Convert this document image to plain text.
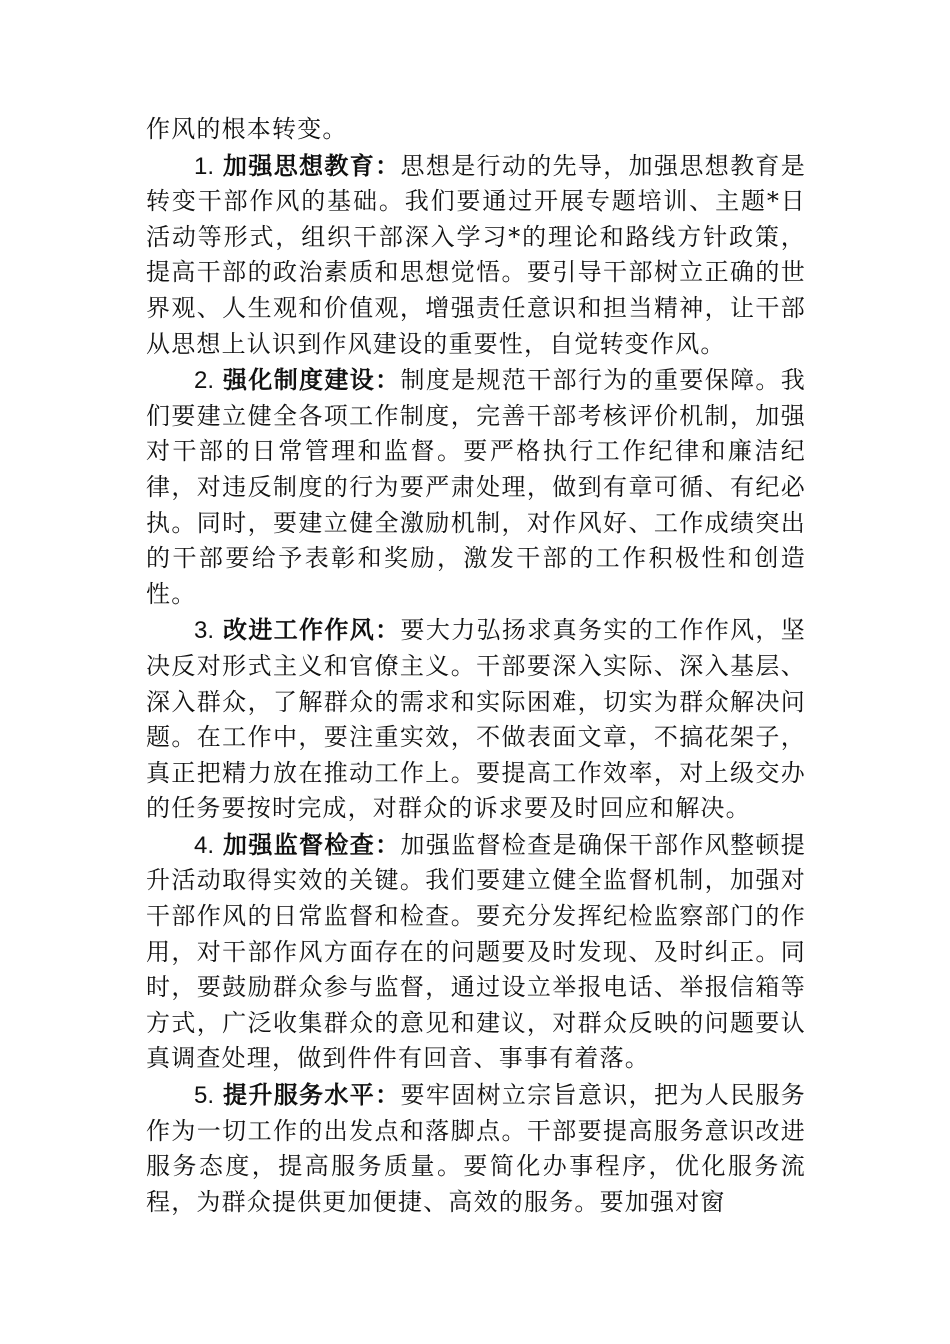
作风的根本转变。

1. 加强思想教育：思想是行动的先导，加强思想教育是转变干部作风的基础。我们要通过开展专题培训、主题*日活动等形式，组织干部深入学习*的理论和路线方针政策，提高干部的政治素质和思想觉悟。要引导干部树立正确的世界观、人生观和价值观，增强责任意识和担当精神，让干部从思想上认识到作风建设的重要性，自觉转变作风。

2. 强化制度建设：制度是规范干部行为的重要保障。我们要建立健全各项工作制度，完善干部考核评价机制，加强对干部的日常管理和监督。要严格执行工作纪律和廉洁纪律，对违反制度的行为要严肃处理，做到有章可循、有纪必执。同时，要建立健全激励机制，对作风好、工作成绩突出的干部要给予表彰和奖励，激发干部的工作积极性和创造性。

3. 改进工作作风：要大力弘扬求真务实的工作作风，坚决反对形式主义和官僚主义。干部要深入实际、深入基层、深入群众，了解群众的需求和实际困难，切实为群众解决问题。在工作中，要注重实效，不做表面文章，不搞花架子，真正把精力放在推动工作上。要提高工作效率，对上级交办的任务要按时完成，对群众的诉求要及时回应和解决。

4. 加强监督检查：加强监督检查是确保干部作风整顿提升活动取得实效的关键。我们要建立健全监督机制，加强对干部作风的日常监督和检查。要充分发挥纪检监察部门的作用，对干部作风方面存在的问题要及时发现、及时纠正。同时，要鼓励群众参与监督，通过设立举报电话、举报信箱等方式，广泛收集群众的意见和建议，对群众反映的问题要认真调查处理，做到件件有回音、事事有着落。

5. 提升服务水平：要牢固树立宗旨意识，把为人民服务作为一切工作的出发点和落脚点。干部要提高服务意识改进服务态度，提高服务质量。要简化办事程序，优化服务流程，为群众提供更加便捷、高效的服务。要加强对窗
